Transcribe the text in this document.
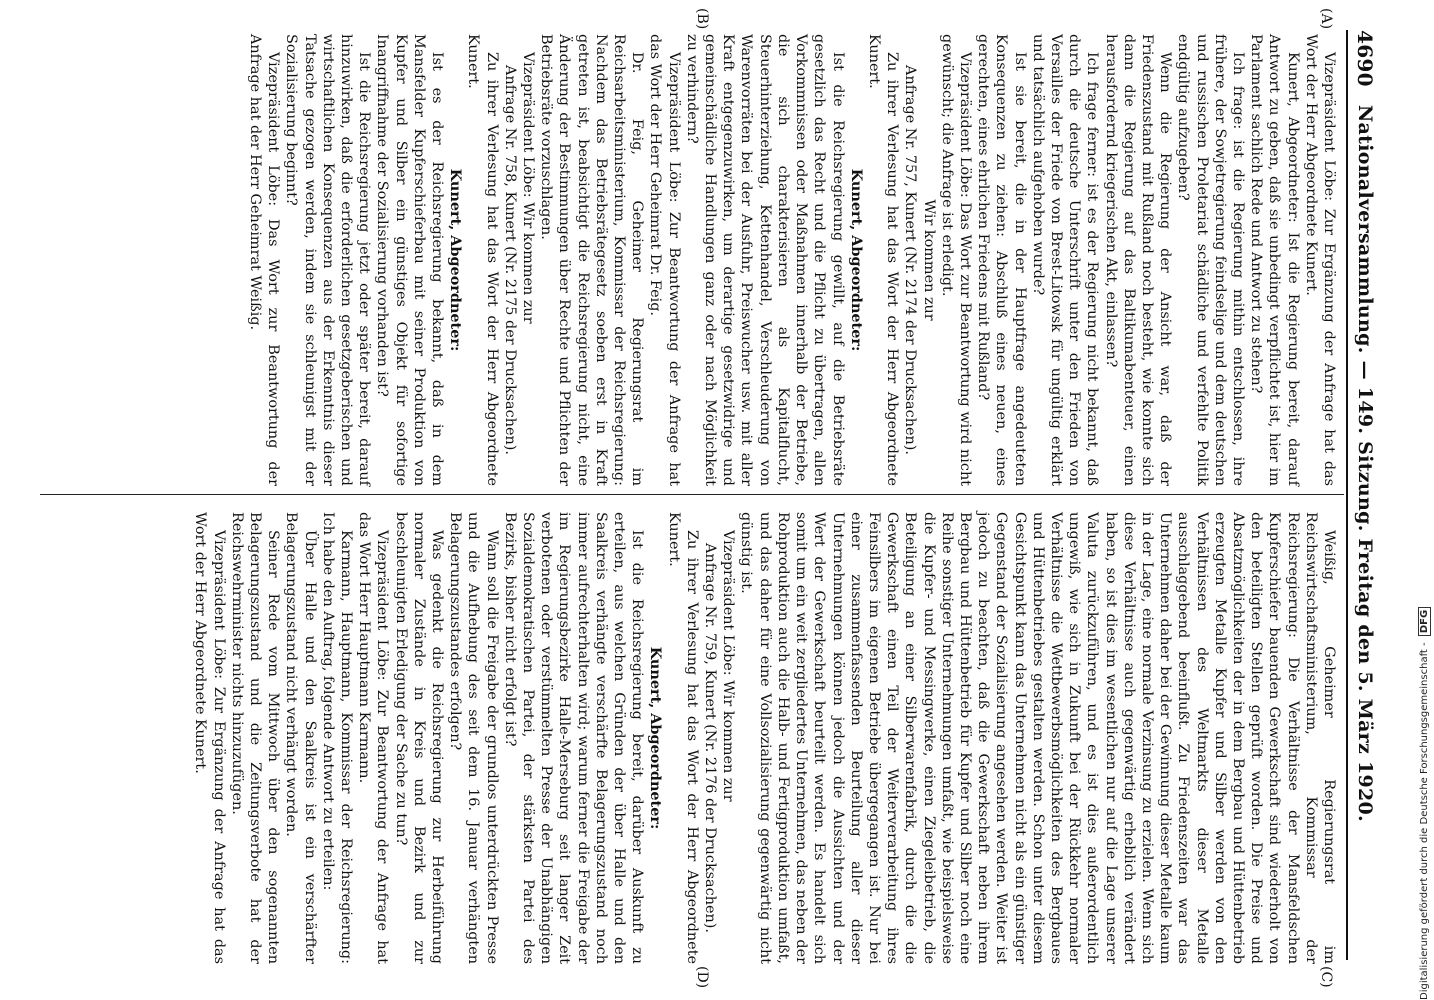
4690
Nationalversammlung. — 149. Sitzung. Freitag den 5. März 1920.
(A)
(B)
(C)
(D)

Vizepräsident Löbe: Zur Ergänzung der Anfrage hat das Wort der Herr Abgeordnete Kunert.

Kunert, Abgeordneter: Ist die Regierung bereit, darauf Antwort zu geben, daß sie unbedingt verpflichtet ist, hier im Parlament sachlich Rede und Antwort zu stehen?

Ich frage: ist die Regierung mithin entschlossen, ihre frühere, der Sowjetregierung feindselige und dem deutschen und russischen Proletariat schädliche und verfehlte Politik endgültig aufzugeben?

Wenn die Regierung der Ansicht war, daß der Friedenszustand mit Rußland noch besteht, wie konnte sich dann die Regierung auf das Baltikumabenteuer, einen herausfordernd kriegerischen Akt, einlassen?

Ich frage ferner: ist es der Regierung nicht bekannt, daß durch die deutsche Unterschrift unter den Frieden von Versailles der Friede von Brest-Litowsk für ungültig erklärt und tatsächlich aufgehoben wurde?

Ist sie bereit, die in der Hauptfrage angedeuteten Konsequenzen zu ziehen: Abschluß eines neuen, eines gerechten, eines ehrlichen Friedens mit Rußland?

Vizepräsident Löbe: Das Wort zur Beantwortung wird nicht gewünscht; die Anfrage ist erledigt.

Wir kommen zur

Anfrage Nr. 757, Kunert (Nr. 2174 der Drucksachen).

Zu ihrer Verlesung hat das Wort der Herr Abgeordnete Kunert.

Kunert, Abgeordneter:

Ist die Reichsregierung gewillt, auf die Betriebsräte gesetzlich das Recht und die Pflicht zu übertragen, allen Vorkommnissen oder Maßnahmen innerhalb der Betriebe, die sich charakterisieren als Kapitalflucht, Steuerhinterziehung, Kettenhandel, Verschleuderung von Warenvorräten bei der Ausfuhr, Preiswucher usw. mit aller Kraft entgegenzuwirken, um derartige gesetzwidrige und gemeinschädliche Handlungen ganz oder nach Möglichkeit zu verhindern?

Vizepräsident Löbe: Zur Beantwortung der Anfrage hat das Wort der Herr Geheimrat Dr. Feig.

Dr. Feig, Geheimer Regierungsrat im Reichsarbeitsministerium, Kommissar der Reichsregierung: Nachdem das Betriebsrätegesetz soeben erst in Kraft getreten ist, beabsichtigt die Reichsregierung nicht, eine Änderung der Bestimmungen über Rechte und Pflichten der Betriebsräte vorzuschlagen.

Vizepräsident Löbe: Wir kommen zur

Anfrage Nr. 758, Kunert (Nr. 2175 der Drucksachen).

Zu ihrer Verlesung hat das Wort der Herr Abgeordnete Kunert.

Kunert, Abgeordneter:

Ist es der Reichsregierung bekannt, daß in dem Mansfelder Kupferschieferbau mit seiner Produktion von Kupfer und Silber ein günstiges Objekt für sofortige Inangriffnahme der Sozialisierung vorhanden ist?

Ist die Reichsregierung jetzt oder später bereit, darauf hinzuwirken, daß die erforderlichen gesetzgeberischen und wirtschaftlichen Konsequenzen aus der Erkenntnis dieser Tatsache gezogen werden, indem sie schleunigst mit der Sozialisierung beginnt?

Vizepräsident Löbe: Das Wort zur Beantwortung der Anfrage hat der Herr Geheimrat Weißig.

Weißig, Geheimer Regierungsrat im Reichswirtschaftsministerium, Kommissar der Reichsregierung: Die Verhältnisse der Mansfeldschen Kupferschiefer bauenden Gewerkschaft sind wiederholt von den beteiligten Stellen geprüft worden. Die Preise und Absatzmöglichkeiten der in dem Bergbau und Hüttenbetrieb erzeugten Metalle Kupfer und Silber werden von den Verhältnissen des Weltmarkts dieser Metalle ausschlaggebend beeinflußt. Zu Friedenszeiten war das Unternehmen daher bei der Gewinnung dieser Metalle kaum in der Lage, eine normale Verzinsung zu erzielen. Wenn sich diese Verhältnisse auch gegenwärtig erheblich verändert haben, so ist dies im wesentlichen nur auf die Lage unserer Valuta zurückzuführen, und es ist dies außerordentlich ungewiß, wie sich in Zukunft bei der Rückkehr normaler Verhältnisse die Wettbewerbsmöglichkeiten des Bergbaues und Hüttenbetriebes gestalten werden. Schon unter diesem Gesichtspunkt kann das Unternehmen nicht als ein günstiger Gegenstand der Sozialisierung angesehen werden. Weiter ist jedoch zu beachten, daß die Gewerkschaft neben ihrem Bergbau und Hüttenbetrieb für Kupfer und Silber noch eine Reihe sonstiger Unternehmungen umfaßt, wie beispielsweise die Kupfer- und Messingwerke, einen Ziegeleibetrieb, die Beteiligung an einer Silberwarenfabrik, durch die die Gewerkschaft einen Teil der Weiterverarbeitung ihres Feinsilbers im eigenen Betriebe übergegangen ist. Nur bei einer zusammenfassenden Beurteilung aller dieser Unternehmungen können jedoch die Aussichten und der Wert der Gewerkschaft beurteilt werden. Es handelt sich somit um ein weit zergliedertes Unternehmen, das neben der Rohproduktion auch die Halb- und Fertigproduktion umfaßt, und das daher für eine Vollsozialisierung gegenwärtig nicht günstig ist.

Vizepräsident Löbe: Wir kommen zur

Anfrage Nr. 759, Kunert (Nr. 2176 der Drucksachen).

Zu ihrer Verlesung hat das Wort der Herr Abgeordnete Kunert.

Kunert, Abgeordneter:

Ist die Reichsregierung bereit, darüber Auskunft zu erteilen, aus welchen Gründen der über Halle und den Saalkreis verhängte verschärfte Belagerungszustand noch immer aufrechterhalten wird; warum ferner die Freigabe der im Regierungsbezirke Halle-Merseburg seit langer Zeit verbotenen oder verstümmelten Presse der Unabhängigen Sozialdemokratischen Partei, der stärksten Partei des Bezirks, bisher nicht erfolgt ist?

Wann soll die Freigabe der grundlos unterdrückten Presse und die Aufhebung des seit dem 16. Januar verhängten Belagerungszustandes erfolgen?

Was gedenkt die Reichsregierung zur Herbeiführung normaler Zustände in Kreis und Bezirk und zur beschleunigten Erledigung der Sache zu tun?

Vizepräsident Löbe: Zur Beantwortung der Anfrage hat das Wort Herr Hauptmann Karmann.

Karmann, Hauptmann, Kommissar der Reichsregierung: Ich habe den Auftrag, folgende Antwort zu erteilen:

Über Halle und den Saalkreis ist ein verschärfter Belagerungszustand nicht verhängt worden.

Seiner Rede vom Mittwoch über den sogenannten Belagerungszustand und die Zeitungsverbote hat der Reichswehrminister nichts hinzuzufügen.

Vizepräsident Löbe: Zur Ergänzung der Anfrage hat das Wort der Herr Abgeordnete Kunert.	Digitalisierung gefördert durch die Deutsche Forschungsgemeinschaft - DFG
